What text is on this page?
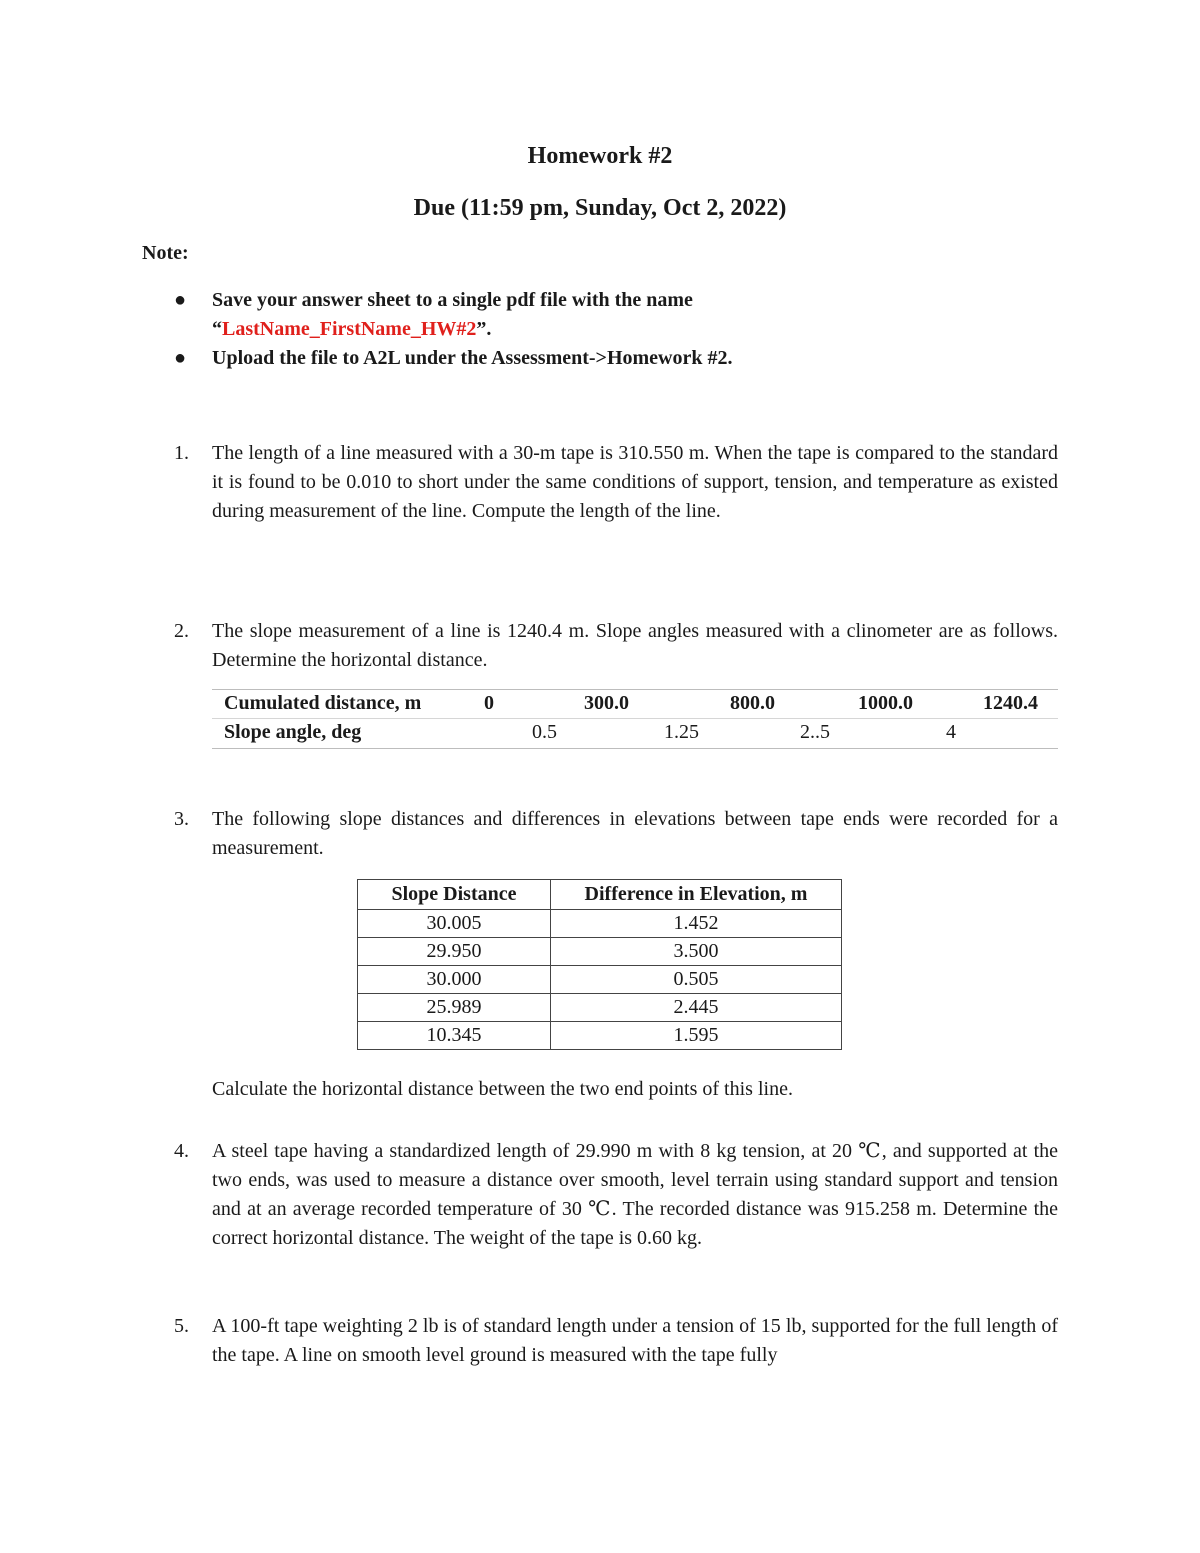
Homework #2
Due (11:59 pm, Sunday, Oct 2, 2022)
Note:
● Save your answer sheet to a single pdf file with the name
“LastName_FirstName_HW#2”.
● Upload the file to A2L under the Assessment->Homework #2.
1. The length of a line measured with a 30-m tape is 310.550 m. When the tape is compared to the standard it is found to be 0.010 to short under the same conditions of support, tension, and temperature as existed during measurement of the line. Compute the length of the line.
2. The slope measurement of a line is 1240.4 m. Slope angles measured with a clinometer are as follows. Determine the horizontal distance.
Cumulated distance, m	0	300.0	800.0	1000.0	1240.4
Slope angle, deg	0.5	1.25	2..5	4
3. The following slope distances and differences in elevations between tape ends were recorded for a measurement.
Slope Distance	Difference in Elevation, m
30.005	1.452
29.950	3.500
30.000	0.505
25.989	2.445
10.345	1.595
Calculate the horizontal distance between the two end points of this line.
4. A steel tape having a standardized length of 29.990 m with 8 kg tension, at 20 ℃, and supported at the two ends, was used to measure a distance over smooth, level terrain using standard support and tension and at an average recorded temperature of 30 ℃. The recorded distance was 915.258 m. Determine the correct horizontal distance. The weight of the tape is 0.60 kg.
5. A 100-ft tape weighting 2 lb is of standard length under a tension of 15 lb, supported for the full length of the tape. A line on smooth level ground is measured with the tape fully
